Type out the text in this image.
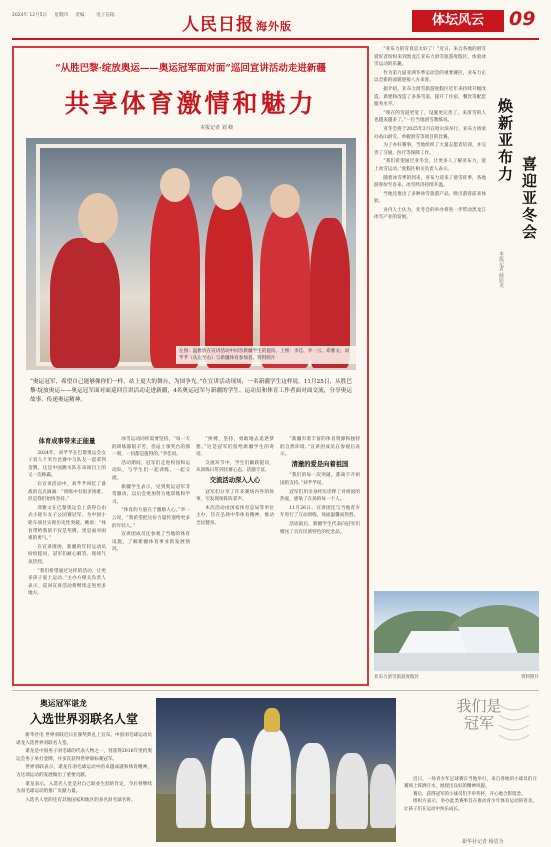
2024年 12月5日 星期四 责编： 电子信箱：	人民日报 海外版	体坛风云	09
“从胜巴黎·绽放奥运——奥运冠军面对面”巡回宣讲活动走进新疆
共享体育激情和魅力
本报记者 刘 峣
左图：温雅欣在宣讲活动中回答新疆学生的提问。上图：李佳、李一云、邓雅文、刘芊芊（从左至右）与新疆体育参加者。资料照片
“奥运冠军，希望自己能够像你们一样，站上更大的舞台，为国争光。”在宣讲活动现场，一名新疆学生这样说。11月25日，从胜巴黎·绽放奥运——奥运冠军面对面巡回宣讲活动走进新疆，4名奥运冠军与新疆的学生、运动员和体育工作者面对面交流，分享奥运故事，传递奥运精神。
体育成事带来正能量

2024年，刘芊芊在巴黎奥运会女子双人十米台比赛中与队友一起拿到金牌，这是中国跳水队在该项目上的又一次称霸。

在宣讲活动中，刘芊芊回忆了备战的点点滴滴：“训练中有很多困难，但是我们始终坚持。”

邓雅文在巴黎奥运会上获得自由式小轮车女子公园赛冠军，为中国小轮车项目实现历史性突破。她说：“体育带给我的不仅是奖牌，更是面对困难的勇气。”

在宣讲现场，新疆的年轻运动员纷纷提问，冠军们耐心解答，现场气氛热烈。

“我们希望通过这样的活动，让更多孩子爱上运动。”主办方相关负责人表示，巡回宣讲活动将继续走进更多地方。

冰雪运动同样需要坚持。“每一天的训练都很辛苦，但站上领奖台的那一刻，一切都是值得的。”李佳说。

活动期间，冠军们走进校园和运动队，与学生们一起训练、一起交流。

新疆学生表示，见到奥运冠军非常激动，以后会更加努力地训练和学习。

“体育的力量在于激励人心。”李一云说，“我希望把这份力量传递给更多的年轻人。”

宣讲团成员还参观了当地的体育设施，了解新疆体育事业的发展情况。

“拼搏，坚持，勇敢地去追逐梦想。”这是冠军们留给新疆学生的寄语。

交流环节中，学生们踊跃提问，从训练日常到比赛心态，话题丰富。

交流活动深入人心

冠军们分享了许多赛场内外的故事，引发现场阵阵掌声。

本次活动由国家体育总局等单位主办，旨在弘扬中华体育精神，推动全民健身。

“新疆有着丰富的体育资源和独特的自然环境。”宣讲团成员在参观后表示。

清澈的爱是向着祖国

“我们的每一次突破，都离不开祖国的支持。”刘芊芊说。

冠军们用亲身经历诠释了对祖国的热爱，感染了在场的每一个人。

11月26日，宣讲团还与当地青少年进行了互动训练，场面温馨而热烈。

活动最后，新疆学生代表向冠军们赠送了具有民族特色的纪念品。

“亚布力的雪真是太好了！”近日，来自各地的滑雪爱好者纷纷来到黑龙江亚布力滑雪旅游度假区，体验冰雪运动的乐趣。

作为第九届亚洲冬季运动会的重要赛区，亚布力正以全新的面貌迎接八方来客。

据介绍，亚布力滑雪旅游度假区近年来持续升级改造，新建和改造了多条雪道，提升了住宿、餐饮等配套服务水平。

“现在的雪道更宽了，设施更完善了，来滑雪的人也越来越多了。”一位当地滑雪教练说。

亚冬会将于2025年2月在哈尔滨举行，亚布力将承办高山滑雪、单板滑雪等项目的比赛。

为了办好赛事，当地组织了大量志愿者培训，并完善了交通、医疗等保障工作。

“我们希望通过亚冬会，让更多人了解亚布力，爱上冰雪运动。”度假区相关负责人表示。

随着冰雪季的到来，亚布力迎来了滑雪旺季，各地游客纷至沓来，冰雪经济持续升温。

当地还推出了多种冰雪旅游产品，吸引游客前来体验。

业内人士认为，亚冬会的举办将进一步带动黑龙江冰雪产业的发展。

焕新亚布力
喜迎亚冬会
本报记者 薛原龙
亚布力滑雪旅游度假区	资料照片
奥运冠军谌龙
入选世界羽联名人堂

新华社电 世界羽联近日在颁奖典礼上宣布，中国羽毛球运动员谌龙入选世界羽联名人堂。

谌龙是中国男子羽毛球的代表人物之一，曾获得2016年里约奥运会男子单打金牌，并多次获得世界锦标赛冠军。

世界羽联表示，谌龙在羽毛球运动中的卓越成就和体育精神，为这项运动的发展做出了重要贡献。

谌龙表示，入选名人堂是对自己职业生涯的肯定，今后将继续为羽毛球运动的推广贡献力量。

入选名人堂的还有其他国家和地区的多名羽毛球名将。

我们是冠军

近日，一场青少年足球赛在当地举行，来自各地的小球员们在赛场上挥洒汗水，展现出良好的精神风貌。

赛后，获得冠军的小球员们手举奖杯，开心地合影留念。

组织方表示，举办此类赛事旨在推动青少年体育运动的普及，让孩子们在运动中快乐成长。

新华社记者 杨思为
